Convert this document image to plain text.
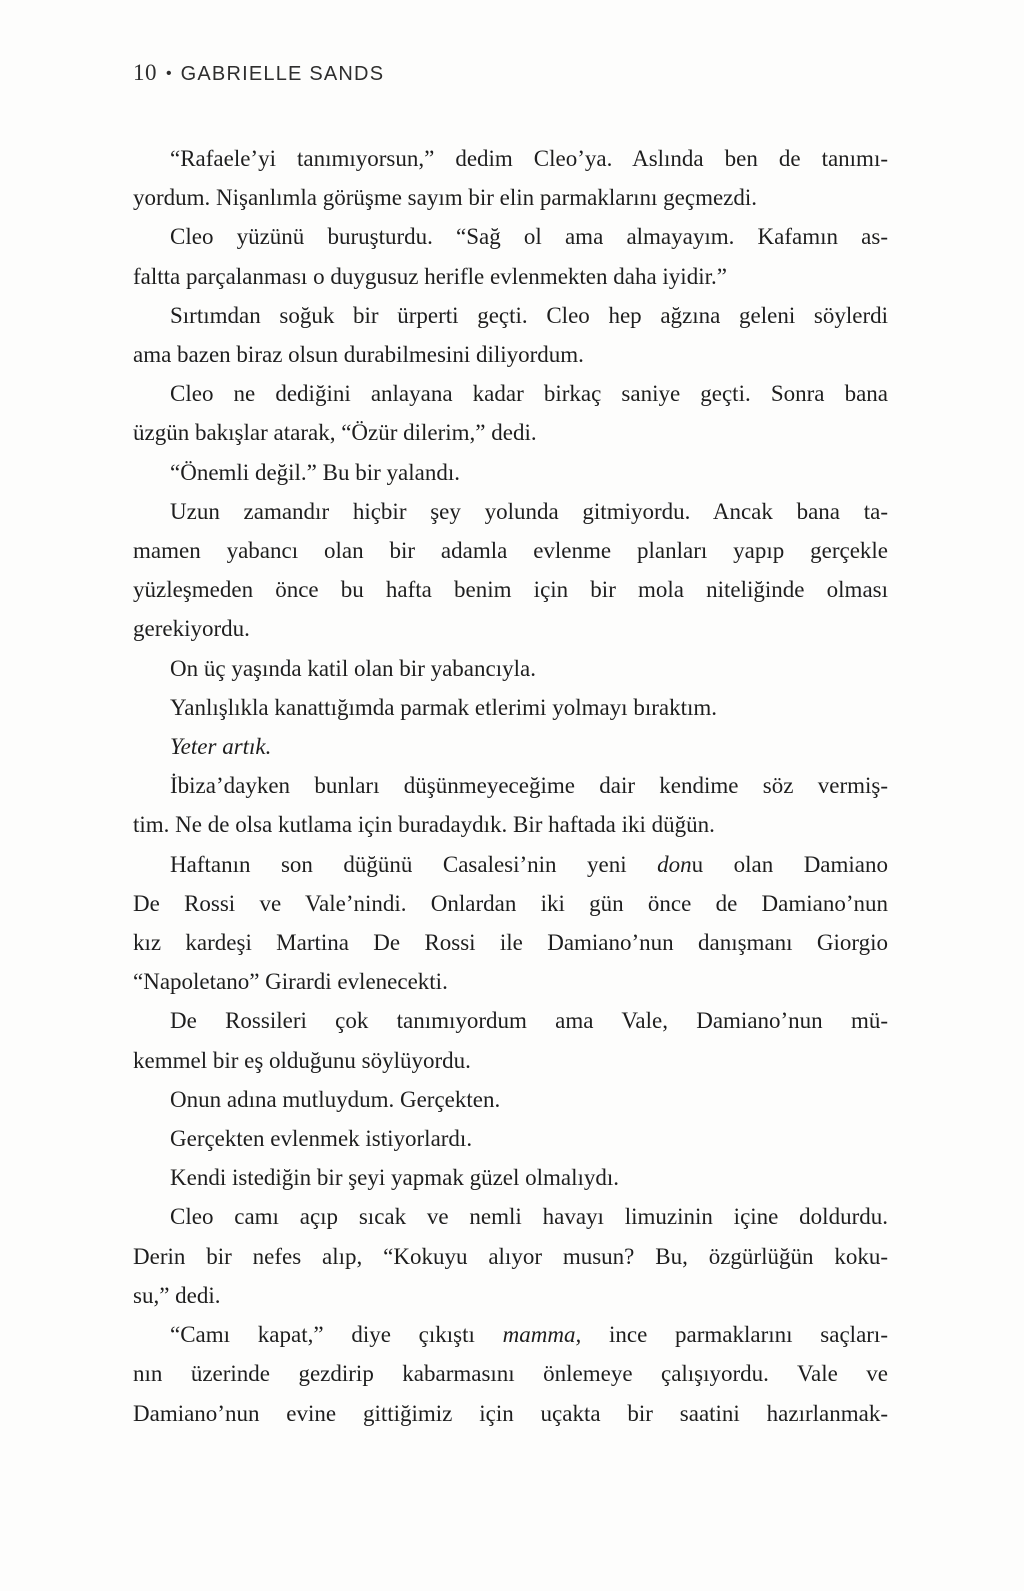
10 • GABRIELLE SANDS
“Rafaele’yi tanımıyorsun,” dedim Cleo’ya. Aslında ben de tanımı-
yordum. Nişanlımla görüşme sayım bir elin parmaklarını geçmezdi.
Cleo yüzünü buruşturdu. “Sağ ol ama almayayım. Kafamın as-
faltta parçalanması o duygusuz herifle evlenmekten daha iyidir.”
Sırtımdan soğuk bir ürperti geçti. Cleo hep ağzına geleni söylerdi
ama bazen biraz olsun durabilmesini diliyordum.
Cleo ne dediğini anlayana kadar birkaç saniye geçti. Sonra bana
üzgün bakışlar atarak, “Özür dilerim,” dedi.
“Önemli değil.” Bu bir yalandı.
Uzun zamandır hiçbir şey yolunda gitmiyordu. Ancak bana ta-
mamen yabancı olan bir adamla evlenme planları yapıp gerçekle
yüzleşmeden önce bu hafta benim için bir mola niteliğinde olması
gerekiyordu.
On üç yaşında katil olan bir yabancıyla.
Yanlışlıkla kanattığımda parmak etlerimi yolmayı bıraktım.
Yeter artık.
İbiza’dayken bunları düşünmeyeceğime dair kendime söz vermiş-
tim. Ne de olsa kutlama için buradaydık. Bir haftada iki düğün.
Haftanın son düğünü Casalesi’nin yeni donu olan Damiano
De Rossi ve Vale’nindi. Onlardan iki gün önce de Damiano’nun
kız kardeşi Martina De Rossi ile Damiano’nun danışmanı Giorgio
“Napoletano” Girardi evlenecekti.
De Rossileri çok tanımıyordum ama Vale, Damiano’nun mü-
kemmel bir eş olduğunu söylüyordu.
Onun adına mutluydum. Gerçekten.
Gerçekten evlenmek istiyorlardı.
Kendi istediğin bir şeyi yapmak güzel olmalıydı.
Cleo camı açıp sıcak ve nemli havayı limuzinin içine doldurdu.
Derin bir nefes alıp, “Kokuyu alıyor musun? Bu, özgürlüğün koku-
su,” dedi.
“Camı kapat,” diye çıkıştı mamma, ince parmaklarını saçları-
nın üzerinde gezdirip kabarmasını önlemeye çalışıyordu. Vale ve
Damiano’nun evine gittiğimiz için uçakta bir saatini hazırlanmak-
